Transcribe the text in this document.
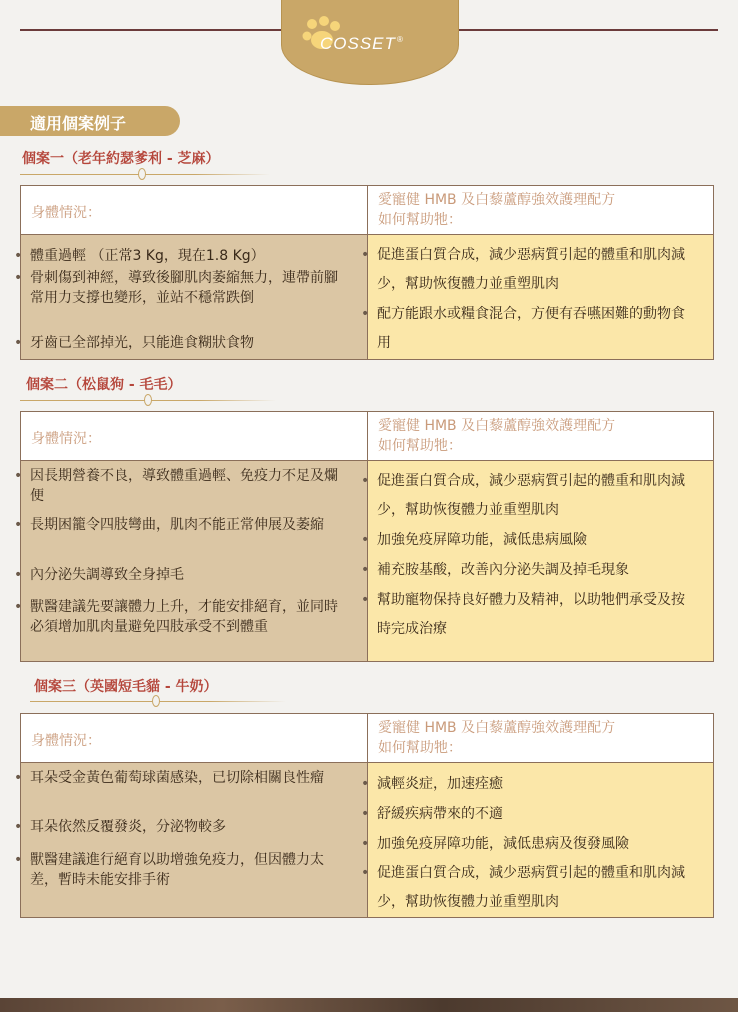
COSSET®
適用個案例子
個案一（老年約瑟爹利 - 芝麻）
身體情況：
愛寵健 HMB 及白藜蘆醇強效護理配方
如何幫助牠：
• 體重過輕 （正常3 Kg，現在1.8 Kg）
• 骨刺傷到神經，導致後腳肌肉萎縮無力，連帶前腳常用力支撐也變形，並站不穩常跌倒
• 牙齒已全部掉光，只能進食糊狀食物
• 促進蛋白質合成，減少惡病質引起的體重和肌肉減少，幫助恢復體力並重塑肌肉
• 配方能跟水或糧食混合，方便有吞嚥困難的動物食用
個案二（松鼠狗 - 毛毛）
身體情況：
愛寵健 HMB 及白藜蘆醇強效護理配方
如何幫助牠：
• 因長期營養不良，導致體重過輕、免疫力不足及爛便
• 長期困籠令四肢彎曲，肌肉不能正常伸展及萎縮
• 內分泌失調導致全身掉毛
• 獸醫建議先要讓體力上升，才能安排絕育，並同時必須增加肌肉量避免四肢承受不到體重
• 促進蛋白質合成，減少惡病質引起的體重和肌肉減少，幫助恢復體力並重塑肌肉
• 加強免疫屏障功能，減低患病風險
• 補充胺基酸，改善內分泌失調及掉毛現象
• 幫助寵物保持良好體力及精神，以助牠們承受及按時完成治療
個案三（英國短毛貓 - 牛奶）
身體情況：
愛寵健 HMB 及白藜蘆醇強效護理配方
如何幫助牠：
• 耳朵受金黃色葡萄球菌感染，已切除相關良性瘤
• 耳朵依然反覆發炎，分泌物較多
• 獸醫建議進行絕育以助增強免疫力，但因體力太差，暫時未能安排手術
• 減輕炎症，加速痊癒
• 舒緩疾病帶來的不適
• 加強免疫屏障功能，減低患病及復發風險
• 促進蛋白質合成，減少惡病質引起的體重和肌肉減少，幫助恢復體力並重塑肌肉
